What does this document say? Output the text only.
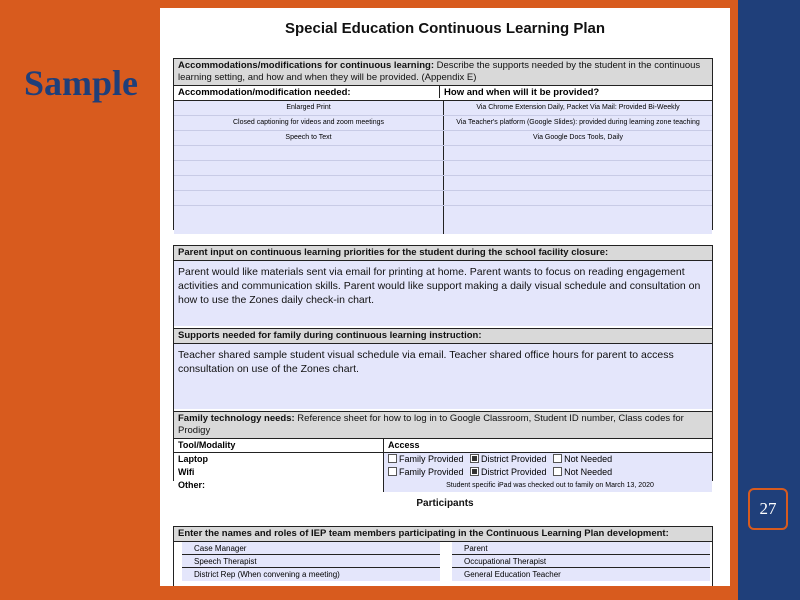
Sample
27
Special Education Continuous Learning Plan
Accommodations/modifications for continuous learning: Describe the supports needed by the student in the continuous learning setting, and how and when they will be provided. (Appendix E)
Accommodation/modification needed:	How and when will it be provided?
Enlarged Print	Via Chrome Extension Daily, Packet Via Mail: Provided Bi-Weekly
Closed captioning for videos and zoom meetings	Via Teacher's platform (Google Slides): provided during learning zone teaching
Speech to Text	Via Google Docs Tools, Daily
Parent input on continuous learning priorities for the student during the school facility closure:
Parent would like materials sent via email for printing at home. Parent wants to focus on reading engagement activities and communication skills. Parent would like support making a daily visual schedule and consultation on how to use the Zones daily check-in chart.
Supports needed for family during continuous learning instruction:
Teacher shared sample student visual schedule via email. Teacher shared office hours for parent to access consultation on use of the Zones chart.
Family technology needs: Reference sheet for how to log in to Google Classroom, Student ID number, Class codes for Prodigy
Tool/Modality	Access
Laptop	Family Provided District Provided Not Needed
Wifi	Family Provided District Provided Not Needed
Other:	Student specific iPad was checked out to family on March 13, 2020
Participants
Enter the names and roles of IEP team members participating in the Continuous Learning Plan development:
Case Manager	Parent
Speech Therapist	Occupational Therapist
District Rep (When convening a meeting)	General Education Teacher
